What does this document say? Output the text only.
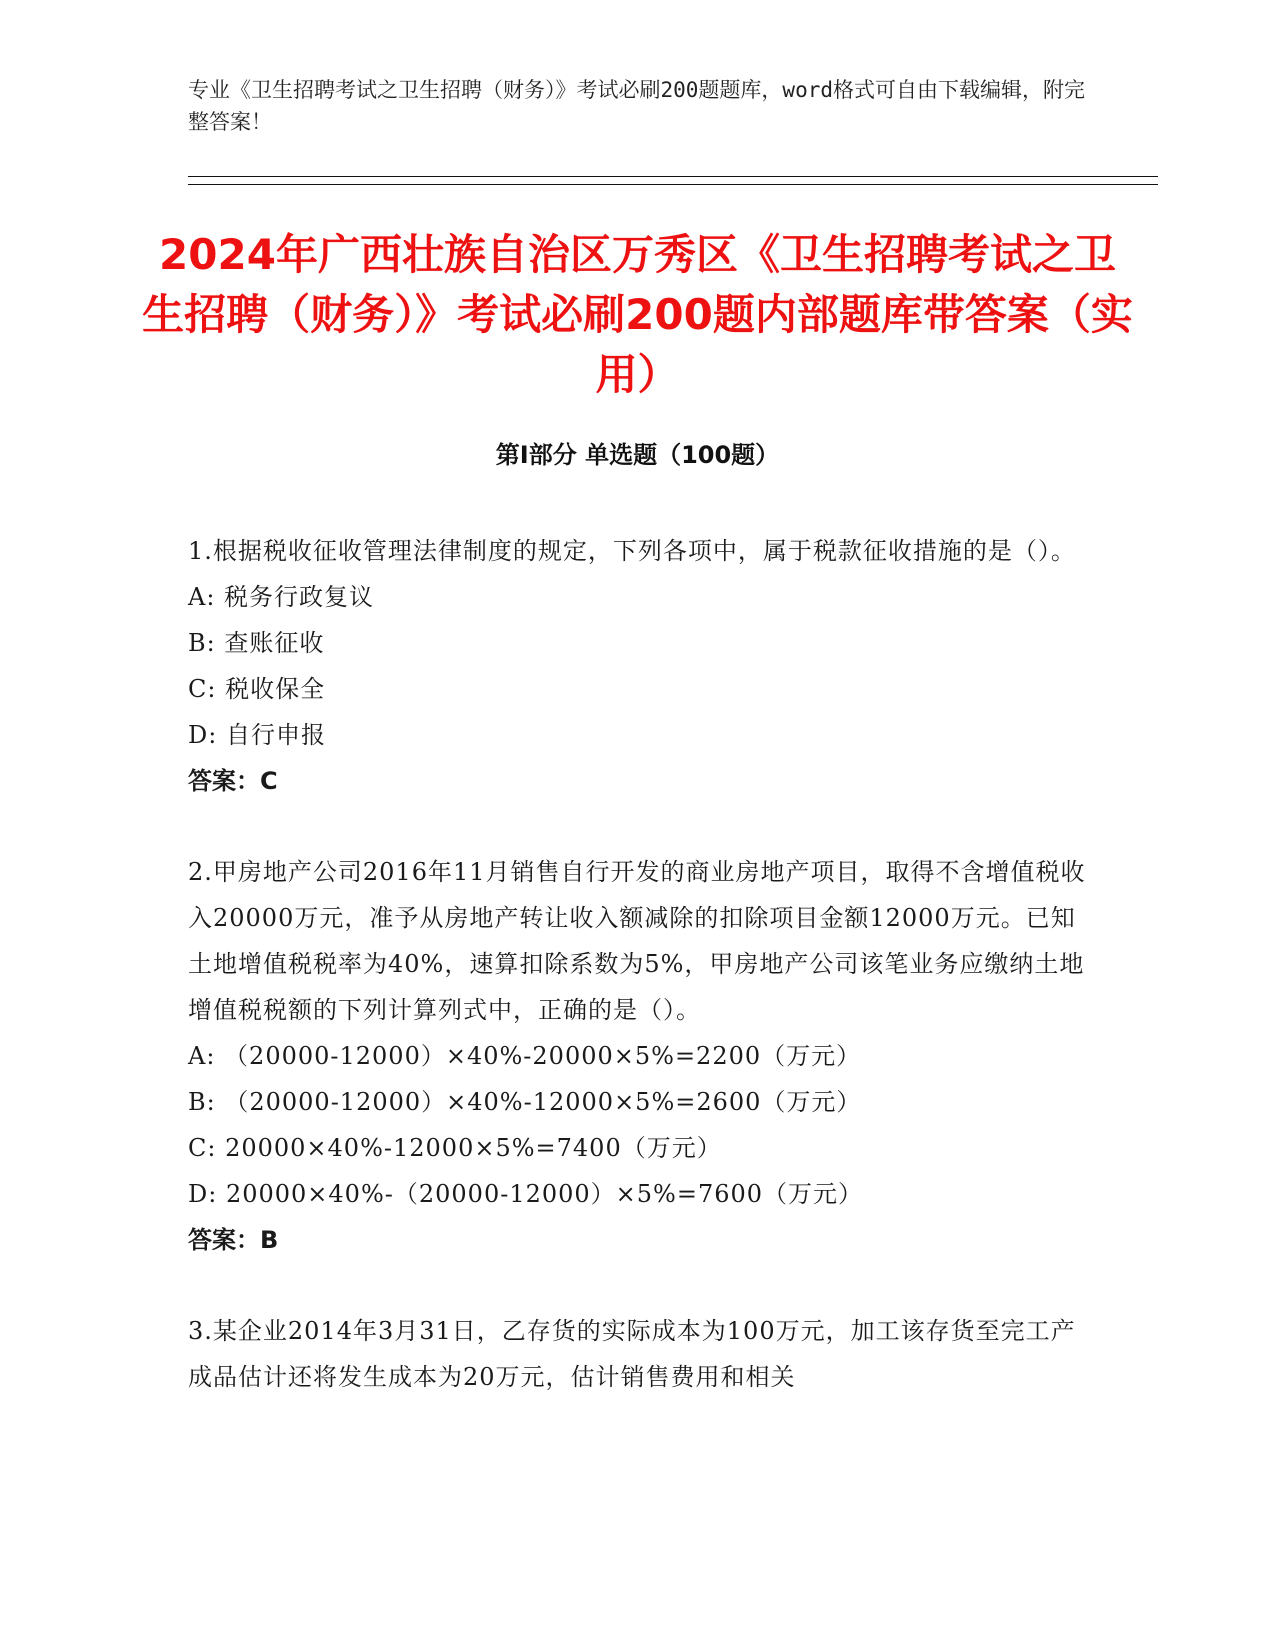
专业《卫生招聘考试之卫生招聘（财务）》考试必刷200题题库，word格式可自由下载编辑，附完整答案！
2024年广西壮族自治区万秀区《卫生招聘考试之卫生招聘（财务）》考试必刷200题内部题库带答案（实用）
第I部分 单选题（100题）
1.根据税收征收管理法律制度的规定，下列各项中，属于税款征收措施的是（）。
A: 税务行政复议
B: 查账征收
C: 税收保全
D: 自行申报
答案：C
2.甲房地产公司2016年11月销售自行开发的商业房地产项目，取得不含增值税收入20000万元，准予从房地产转让收入额减除的扣除项目金额12000万元。已知土地增值税税率为40%，速算扣除系数为5%，甲房地产公司该笔业务应缴纳土地增值税税额的下列计算列式中，正确的是（）。
A: （20000-12000）×40%-20000×5%=2200（万元）
B: （20000-12000）×40%-12000×5%=2600（万元）
C: 20000×40%-12000×5%=7400（万元）
D: 20000×40%-（20000-12000）×5%=7600（万元）
答案：B
3.某企业2014年3月31日，乙存货的实际成本为100万元，加工该存货至完工产成品估计还将发生成本为20万元，估计销售费用和相关
